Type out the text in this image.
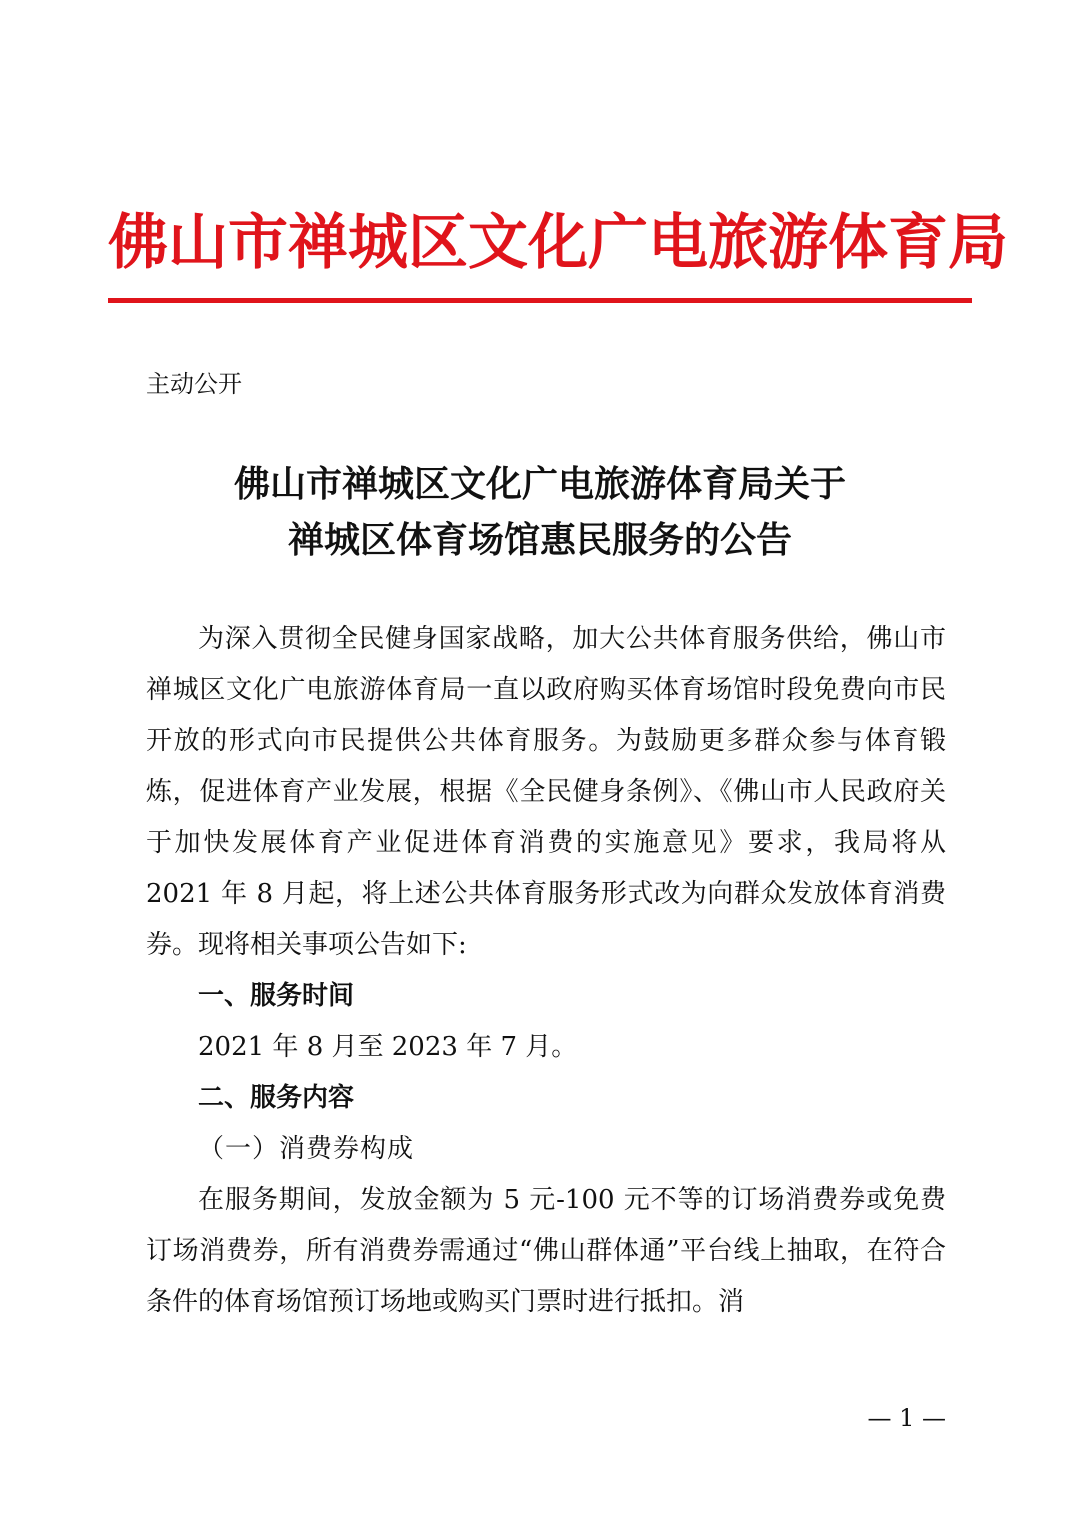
佛山市禅城区文化广电旅游体育局
主动公开
佛山市禅城区文化广电旅游体育局关于
禅城区体育场馆惠民服务的公告

为深入贯彻全民健身国家战略，加大公共体育服务供给，佛山市禅城区文化广电旅游体育局一直以政府购买体育场馆时段免费向市民开放的形式向市民提供公共体育服务。为鼓励更多群众参与体育锻炼，促进体育产业发展，根据《全民健身条例》、《佛山市人民政府关于加快发展体育产业促进体育消费的实施意见》要求，我局将从 2021 年 8 月起，将上述公共体育服务形式改为向群众发放体育消费券。现将相关事项公告如下:

一、服务时间

2021 年 8 月至 2023 年 7 月。

二、服务内容

（一）消费券构成

在服务期间，发放金额为 5 元-100 元不等的订场消费券或免费订场消费券，所有消费券需通过“佛山群体通”平台线上抽取，在符合条件的体育场馆预订场地或购买门票时进行抵扣。消

— 1 —
